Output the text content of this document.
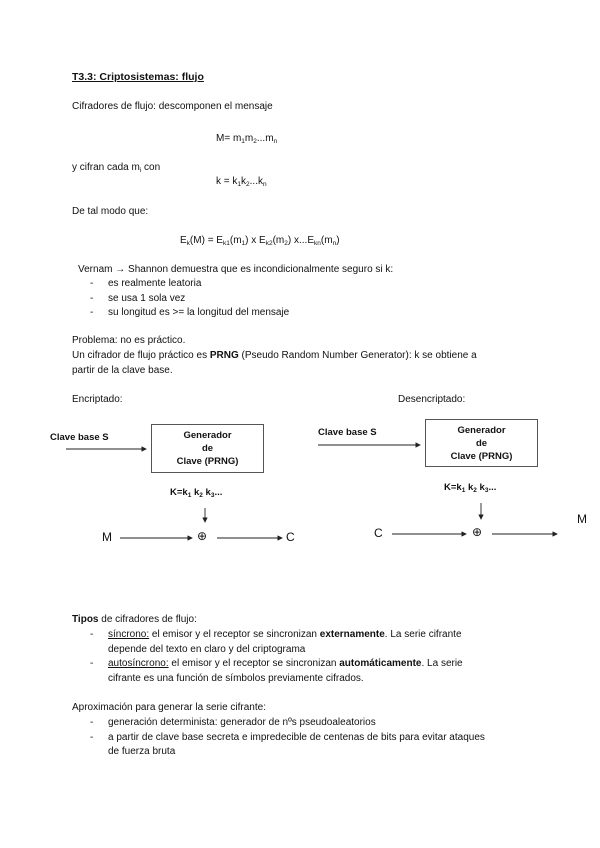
T3.3: Criptosistemas: flujo
Cifradores de flujo: descomponen el mensaje
$M= m_1m_2...m_n$
y cifran cada $m_i$ con
$k = k_1k_2...k_n$
De tal modo que:
$E_k(M) = E_{k1}(m_1)$ x $E_{k2}(m_2)$ $x...E_{kn}(m_n)$
Vernam → Shannon demuestra que es incondicionalmente seguro si k:
- es realmente leatoria
- se usa 1 sola vez
- su longitud es >= la longitud del mensaje
Problema: no es práctico.
Un cifrador de flujo práctico es PRNG (Pseudo Random Number Generator): k se obtiene a
partir de la clave base.
Encriptado:	Desencriptado:
Clave base S	Generador
de
Clave (PRNG)
$K=k_1$ $k_2$ $k_3$...
M	⊕	C
Clave base S	Generador
de
Clave (PRNG)
$K=k_1$ $k_2$ $k_3$...
C	⊕
M
Tipos de cifradores de flujo:
- síncrono: el emisor y el receptor se sincronizan externamente. La serie cifrante
depende del texto en claro y del criptograma
- autosíncrono: el emisor y el receptor se sincronizan automáticamente. La serie
cifrante es una función de símbolos previamente cifrados.
Aproximación para generar la serie cifrante:
- generación determinista: generador de nºs pseudoaleatorios
- a partir de clave base secreta e impredecible de centenas de bits para evitar ataques
de fuerza bruta
